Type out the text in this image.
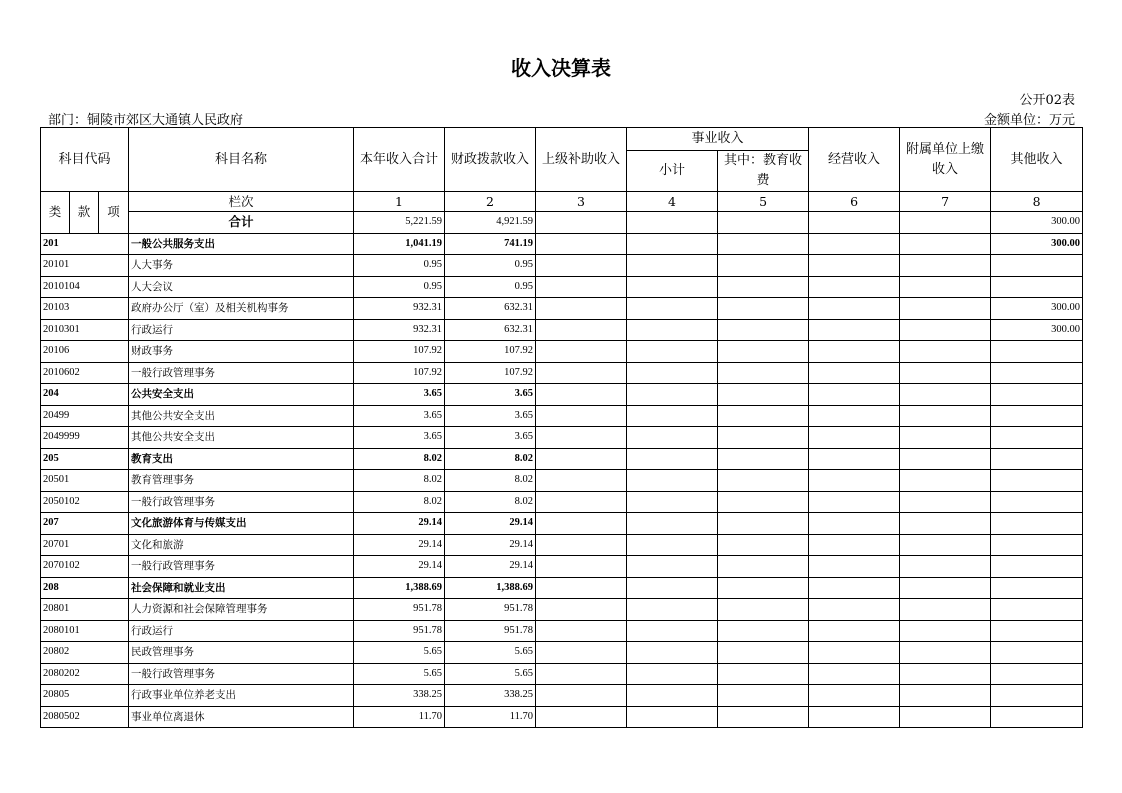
收入决算表
公开02表
部门：铜陵市郊区大通镇人民政府	金额单位：万元
科目代码			科目名称	本年收入合计	财政拨款收入	上级补助收入	事业收入		经营收入	附属单位上缴收入	其他收入
							小计	其中：教育收费			
类	款	项	栏次	1	2	3	4	5	6	7	8
			合计	5,221.59	4,921.59						300.00
201			一般公共服务支出	1,041.19	741.19						300.00
20101			人大事务	0.95	0.95						
2010104			人大会议	0.95	0.95						
20103			政府办公厅（室）及相关机构事务	932.31	632.31						300.00
2010301			行政运行	932.31	632.31						300.00
20106			财政事务	107.92	107.92						
2010602			一般行政管理事务	107.92	107.92						
204			公共安全支出	3.65	3.65						
20499			其他公共安全支出	3.65	3.65						
2049999			其他公共安全支出	3.65	3.65						
205			教育支出	8.02	8.02						
20501			教育管理事务	8.02	8.02						
2050102			一般行政管理事务	8.02	8.02						
207			文化旅游体育与传媒支出	29.14	29.14						
20701			文化和旅游	29.14	29.14						
2070102			一般行政管理事务	29.14	29.14						
208			社会保障和就业支出	1,388.69	1,388.69						
20801			人力资源和社会保障管理事务	951.78	951.78						
2080101			行政运行	951.78	951.78						
20802			民政管理事务	5.65	5.65						
2080202			一般行政管理事务	5.65	5.65						
20805			行政事业单位养老支出	338.25	338.25						
2080502			事业单位离退休	11.70	11.70						
